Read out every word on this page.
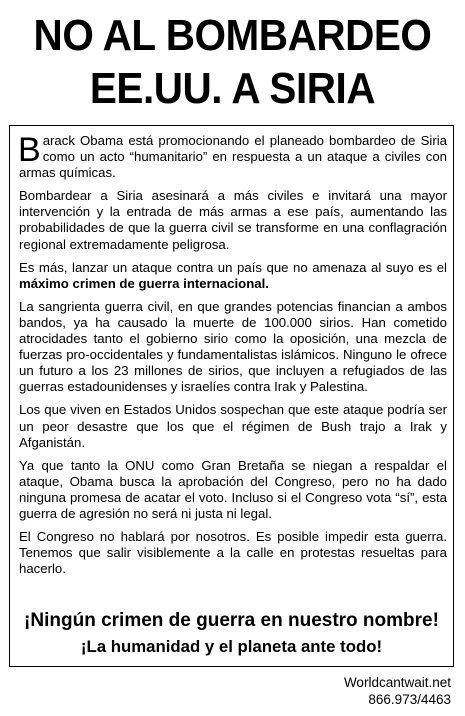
NO AL BOMBARDEO
EE.UU. A SIRIA

Barack Obama está promocionando el planeado bombardeo de Siria como un acto “humanitario” en respuesta a un ataque a civiles con armas químicas.

Bombardear a Siria asesinará a más civiles e invitará una mayor intervención y la entrada de más armas a ese país, aumentando las probabilidades de que la guerra civil se transforme en una conflagración regional extremadamente peligrosa.

Es más, lanzar un ataque contra un país que no amenaza al suyo es el máximo crimen de guerra internacional.

La sangrienta guerra civil, en que grandes potencias financian a ambos bandos, ya ha causado la muerte de 100.000 sirios. Han cometido atrocidades tanto el gobierno sirio como la oposición, una mezcla de fuerzas pro-occidentales y fundamentalistas islámicos. Ninguno le ofrece un futuro a los 23 millones de sirios, que incluyen a refugiados de las guerras estadounidenses y israelíes contra Irak y Palestina.

Los que viven en Estados Unidos sospechan que este ataque podría ser un peor desastre que los que el régimen de Bush trajo a Irak y Afganistán.

Ya que tanto la ONU como Gran Bretaña se niegan a respaldar el ataque, Obama busca la aprobación del Congreso, pero no ha dado ninguna promesa de acatar el voto. Incluso si el Congreso vota “sí”, esta guerra de agresión no será ni justa ni legal.

El Congreso no hablará por nosotros. Es posible impedir esta guerra. Tenemos que salir visiblemente a la calle en protestas resueltas para hacerlo.

¡Ningún crimen de guerra en nuestro nombre!
¡La humanidad y el planeta ante todo!
Worldcantwait.net
866.973/4463
